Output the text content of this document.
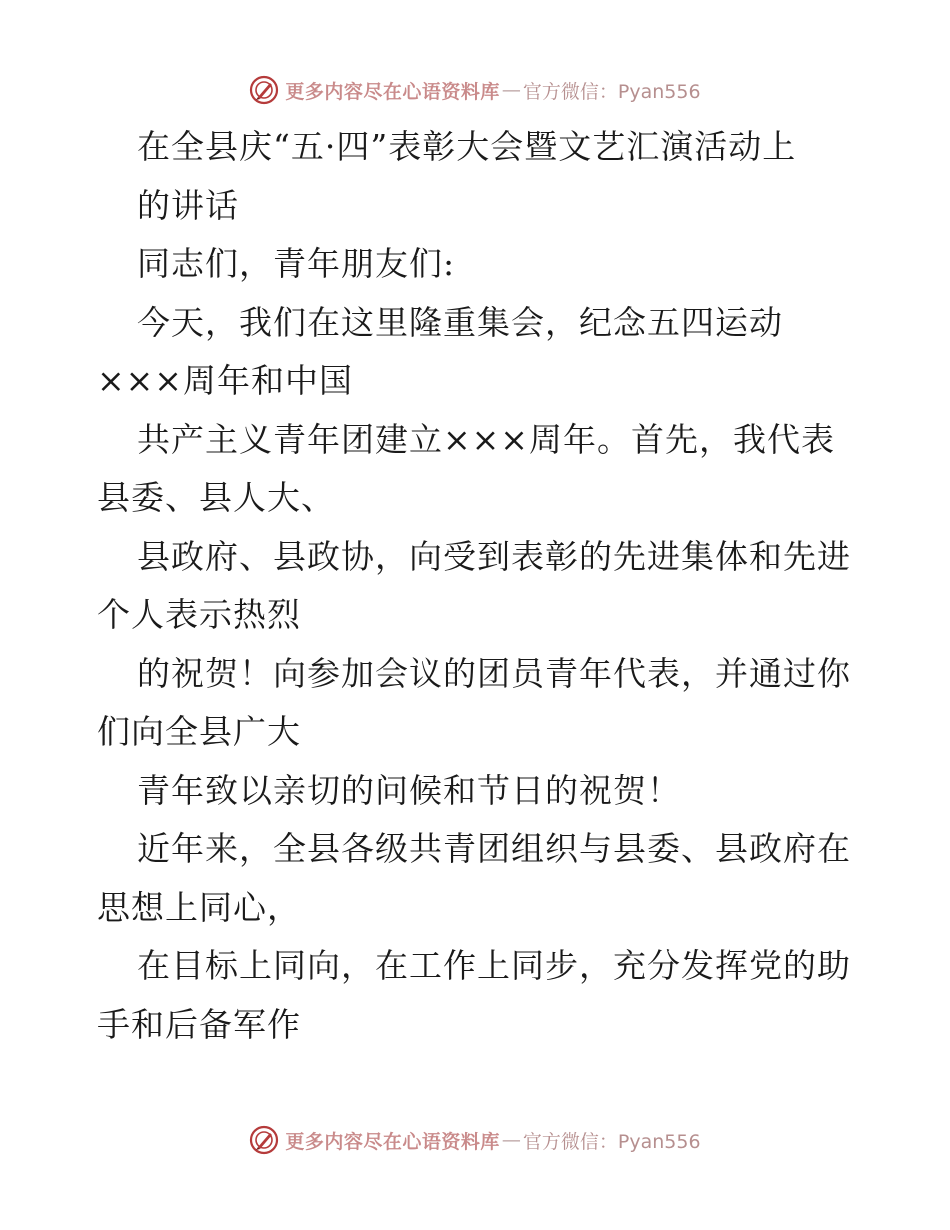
更多内容尽在心语资料库 — 官方微信：Pyan556
在全县庆“五·四”表彰大会暨文艺汇演活动上
的讲话
同志们，青年朋友们:
今天，我们在这里隆重集会，纪念五四运动
×××周年和中国
共产主义青年团建立×××周年。首先，我代表
县委、县人大、
县政府、县政协，向受到表彰的先进集体和先进
个人表示热烈
的祝贺！向参加会议的团员青年代表，并通过你
们向全县广大
青年致以亲切的问候和节日的祝贺！
近年来，全县各级共青团组织与县委、县政府在
思想上同心，
在目标上同向，在工作上同步，充分发挥党的助
手和后备军作
更多内容尽在心语资料库 — 官方微信：Pyan556
